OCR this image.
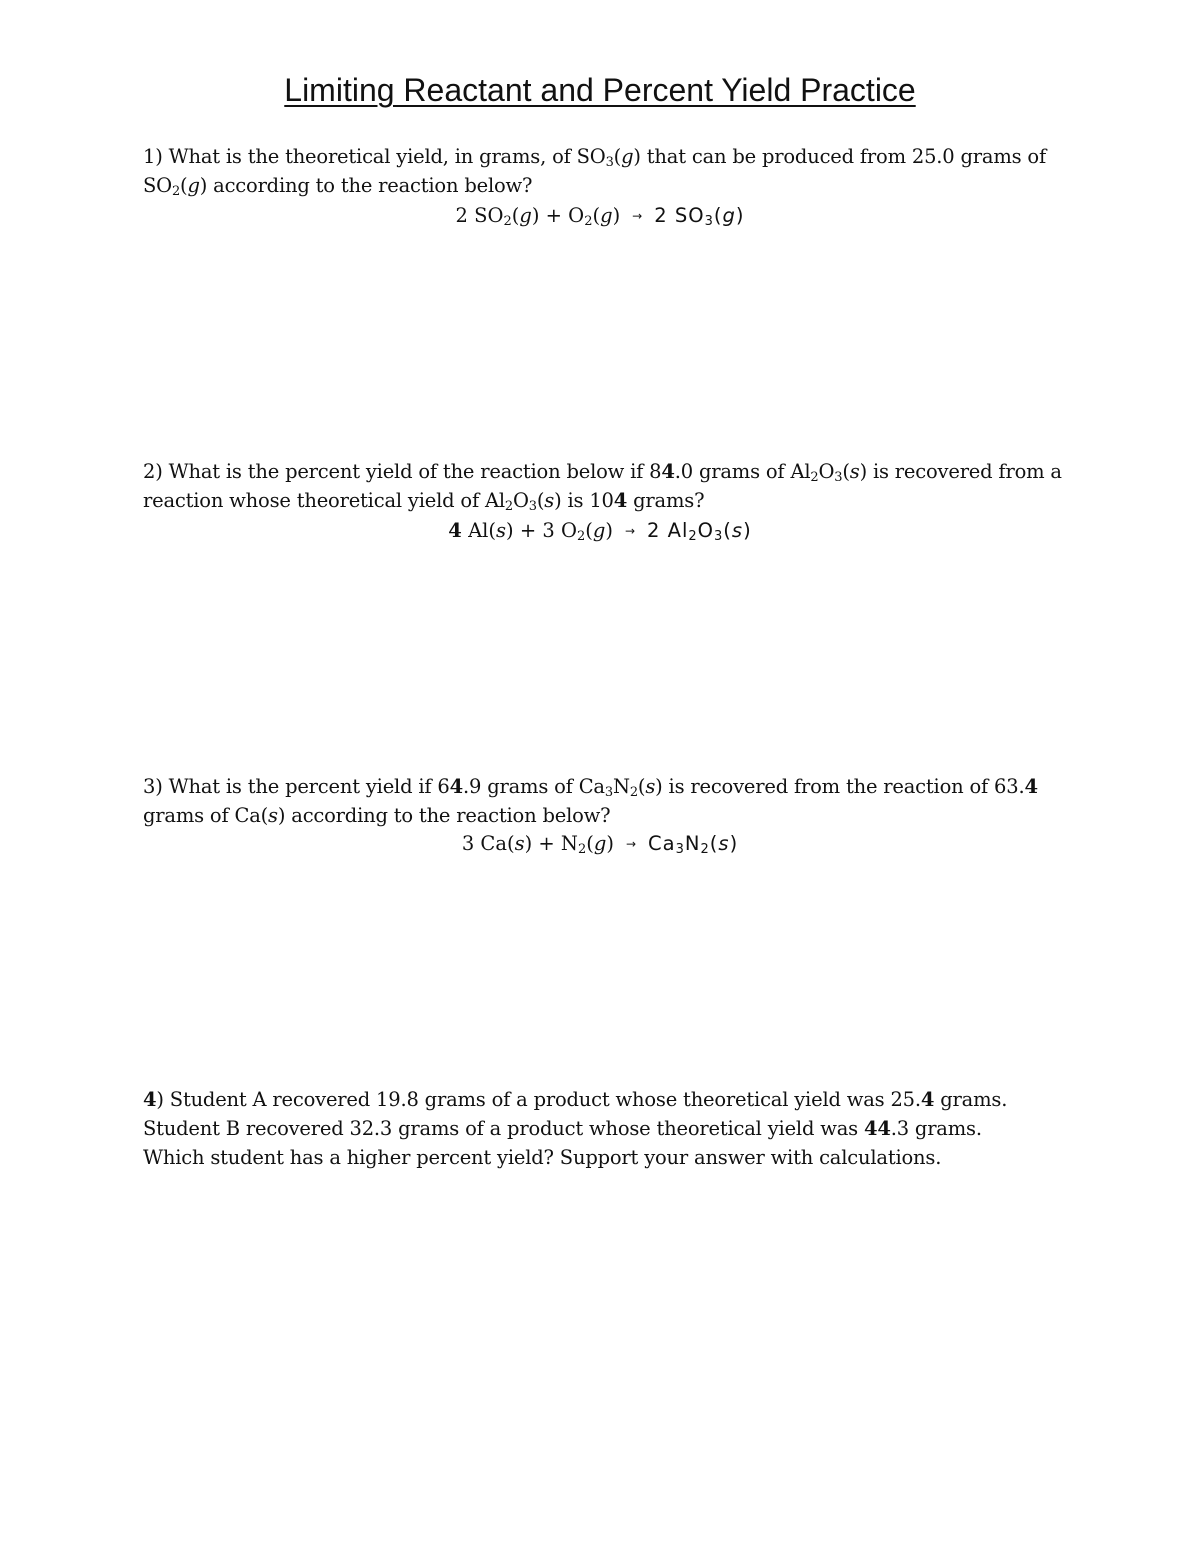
Limiting Reactant and Percent Yield Practice
1) What is the theoretical yield, in grams, of $SO_3(g)$ that can be produced from 25.0 grams of $SO_2(g)$ according to the reaction below?
2 $SO_2(g) + O_2(g) \to 2$ $SO_3(g)$
2) What is the percent yield of the reaction below if 84.0 grams of $Al_2O_3(s)$ is recovered from a reaction whose theoretical yield of $Al_2O_3(s)$ is 104 grams?
4 Al(s) + 3 $O_2(g) \to 2$ $Al_2O_3(s)$
3) What is the percent yield if 64.9 grams of $Ca_3N_2(s)$ is recovered from the reaction of 63.4 grams of Ca(s) according to the reaction below?
3 $Ca(s) + N_2(g) \to Ca_3N_2(s)$
4) Student A recovered 19.8 grams of a product whose theoretical yield was 25.4 grams.
Student B recovered 32.3 grams of a product whose theoretical yield was 44.3 grams.
Which student has a higher percent yield? Support your answer with calculations.
